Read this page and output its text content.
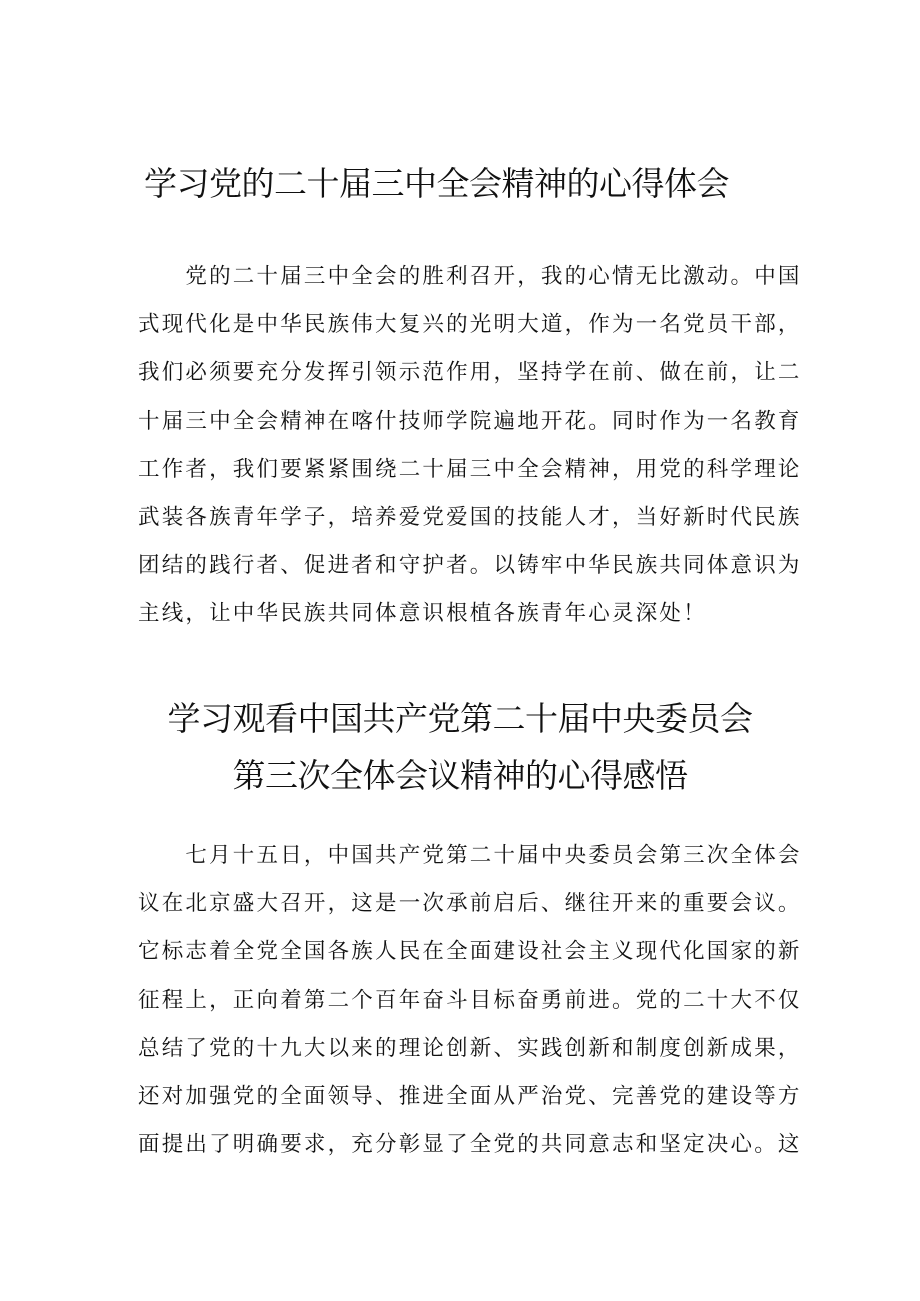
学习党的二十届三中全会精神的心得体会
　　党的二十届三中全会的胜利召开，我的心情无比激动。中国
式现代化是中华民族伟大复兴的光明大道，作为一名党员干部，
我们必须要充分发挥引领示范作用，坚持学在前、做在前，让二
十届三中全会精神在喀什技师学院遍地开花。同时作为一名教育
工作者，我们要紧紧围绕二十届三中全会精神，用党的科学理论
武装各族青年学子，培养爱党爱国的技能人才，当好新时代民族
团结的践行者、促进者和守护者。以铸牢中华民族共同体意识为
主线，让中华民族共同体意识根植各族青年心灵深处！
学习观看中国共产党第二十届中央委员会
第三次全体会议精神的心得感悟
　　七月十五日，中国共产党第二十届中央委员会第三次全体会
议在北京盛大召开，这是一次承前启后、继往开来的重要会议。
它标志着全党全国各族人民在全面建设社会主义现代化国家的新
征程上，正向着第二个百年奋斗目标奋勇前进。党的二十大不仅
总结了党的十九大以来的理论创新、实践创新和制度创新成果，
还对加强党的全面领导、推进全面从严治党、完善党的建设等方
面提出了明确要求，充分彰显了全党的共同意志和坚定决心。这
